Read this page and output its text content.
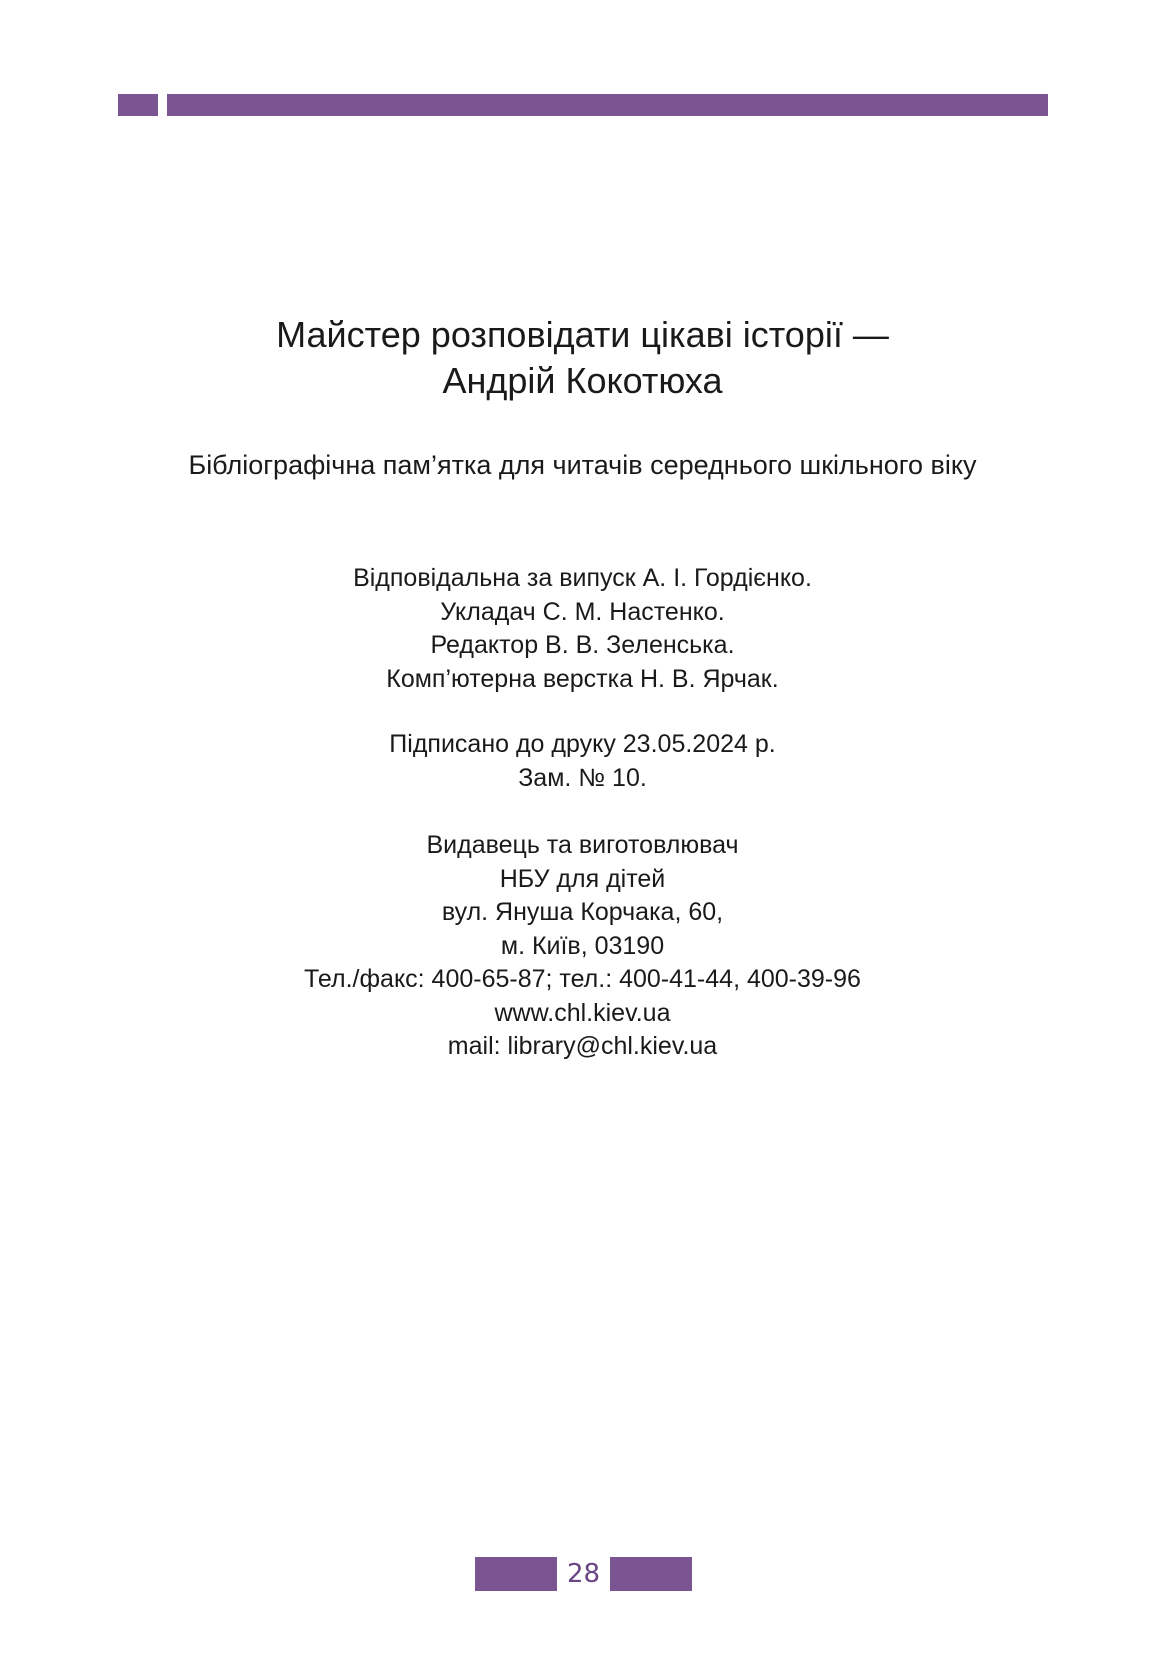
Майстер розповідати цікаві історії —
Андрій Кокотюха
Бібліографічна пам’ятка для читачів середнього шкільного віку
Відповідальна за випуск А. І. Гордієнко.
Укладач С. М. Настенко.
Редактор В. В. Зеленська.
Комп’ютерна верстка Н. В. Ярчак.
Підписано до друку 23.05.2024 р.
Зам. № 10.
Видавець та виготовлювач
НБУ для дітей
вул. Януша Корчака, 60,
м. Київ, 03190
Тел./факс: 400-65-87; тел.: 400-41-44, 400-39-96
www.chl.kiev.ua
mail: library@chl.kiev.ua
28
